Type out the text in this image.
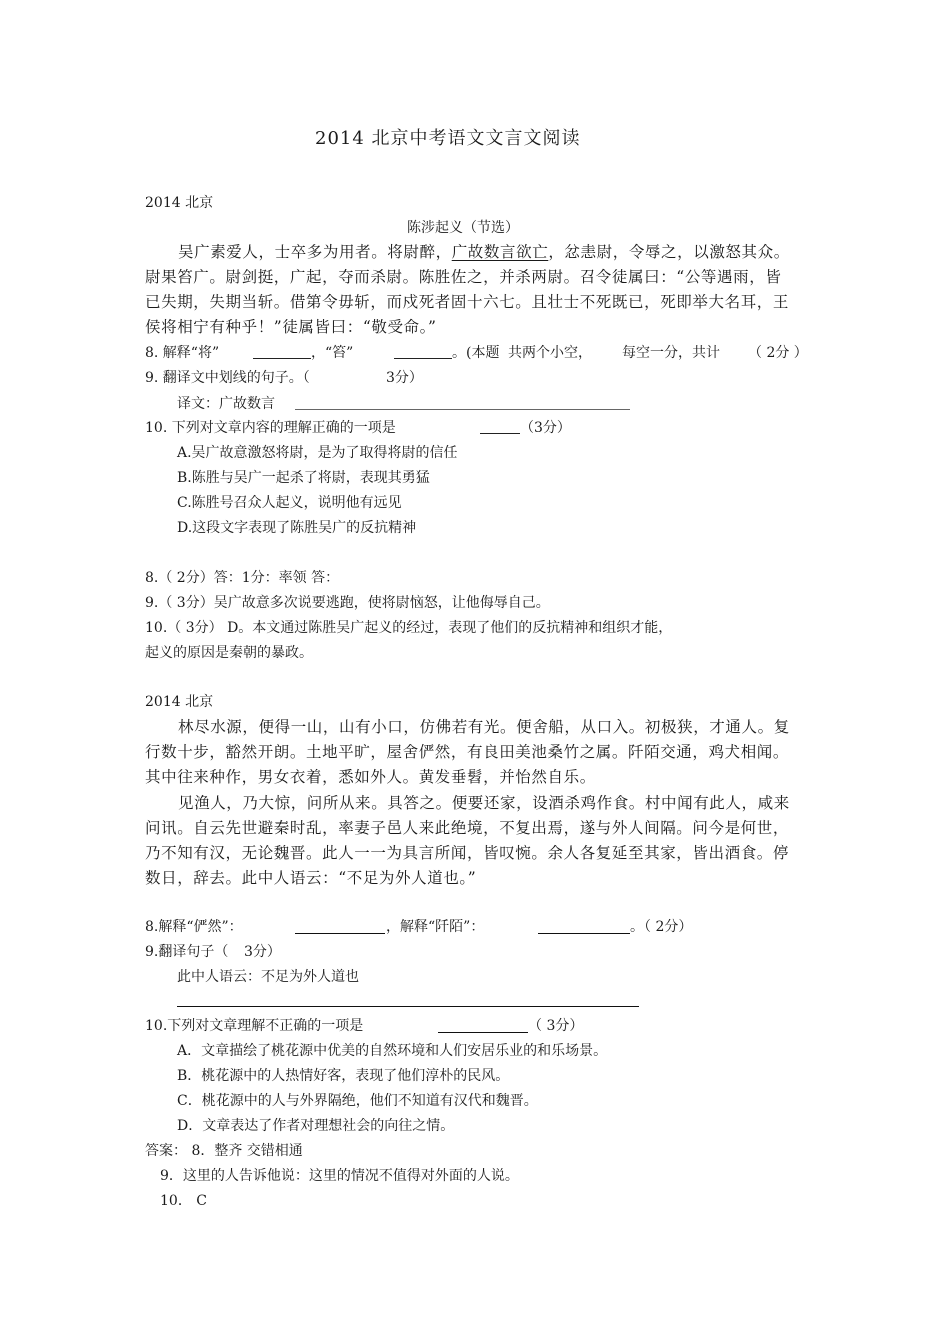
2014 北京中考语文文言文阅读
2014 北京
陈涉起义（节选）
吴广素爱人，士卒多为用者。将尉醉，广故数言欲亡，忿恚尉，令辱之，以激怒其众。
尉果笞广。尉剑挺，广起，夺而杀尉。陈胜佐之，并杀两尉。召令徒属曰：“公等遇雨，皆
已失期，失期当斩。借第令毋斩，而戍死者固十六七。且壮士不死既已，死即举大名耳，王
侯将相宁有种乎！”徒属皆曰：“敬受命。”
8. 解释“将”	，“笞”	。(本题 共两个小空， 每空一分，共计 （ 2分 ）
9. 翻译文中划线的句子。（	3分）
译文：广故数言
10. 下列对文章内容的理解正确的一项是	（3分）
A.吴广故意激怒将尉，是为了取得将尉的信任
B.陈胜与吴广一起杀了将尉，表现其勇猛
C.陈胜号召众人起义，说明他有远见
D.这段文字表现了陈胜吴广的反抗精神
8.（ 2分）答：1分：率领 答：
9.（ 3分）吴广故意多次说要逃跑，使将尉恼怒，让他侮辱自己。
10.（ 3分） D。本文通过陈胜吴广起义的经过，表现了他们的反抗精神和组织才能，
起义的原因是秦朝的暴政。
2014 北京
林尽水源，便得一山，山有小口，仿佛若有光。便舍船，从口入。初极狭，才通人。复
行数十步，豁然开朗。土地平旷，屋舍俨然，有良田美池桑竹之属。阡陌交通，鸡犬相闻。
其中往来种作，男女衣着，悉如外人。黄发垂髫，并怡然自乐。
见渔人，乃大惊，问所从来。具答之。便要还家，设酒杀鸡作食。村中闻有此人，咸来
问讯。自云先世避秦时乱，率妻子邑人来此绝境，不复出焉，遂与外人间隔。问今是何世，
乃不知有汉，无论魏晋。此人一一为具言所闻，皆叹惋。余人各复延至其家，皆出酒食。停
数日，辞去。此中人语云：“不足为外人道也。”
8.解释“俨然”：	，解释“阡陌”：	。（ 2分）
9.翻译句子（ 3分）
此中人语云：不足为外人道也
10.下列对文章理解不正确的一项是	（ 3分）
A．文章描绘了桃花源中优美的自然环境和人们安居乐业的和乐场景。
B．桃花源中的人热情好客，表现了他们淳朴的民风。
C．桃花源中的人与外界隔绝，他们不知道有汉代和魏晋。
D．文章表达了作者对理想社会的向往之情。
答案： 8．整齐 交错相通
9．这里的人告诉他说：这里的情况不值得对外面的人说。
10． C
